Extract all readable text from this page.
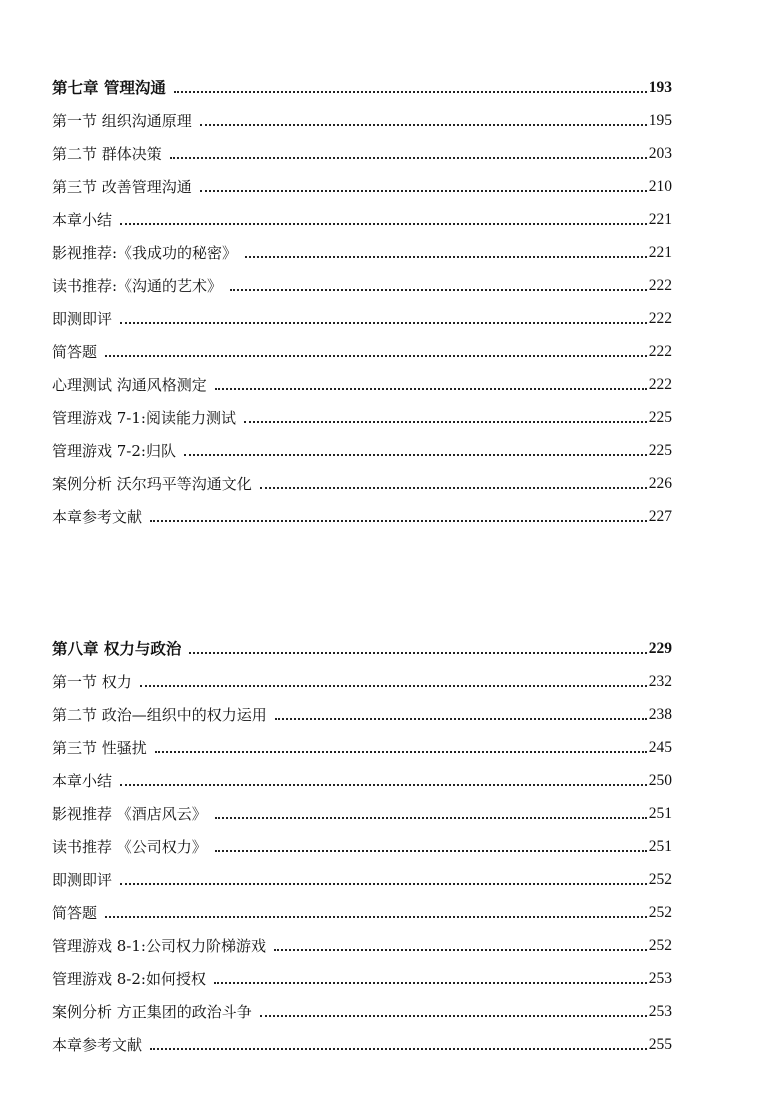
第七章 管理沟通	193
第一节 组织沟通原理	195
第二节 群体决策	203
第三节 改善管理沟通	210
本章小结	221
影视推荐:《我成功的秘密》	221
读书推荐:《沟通的艺术》	222
即测即评	222
简答题	222
心理测试 沟通风格测定	222
管理游戏 7-1:阅读能力测试	225
管理游戏 7-2:归队	225
案例分析 沃尔玛平等沟通文化	226
本章参考文献	227
第八章 权力与政治	229
第一节 权力	232
第二节 政治—组织中的权力运用	238
第三节 性骚扰	245
本章小结	250
影视推荐 《酒店风云》	251
读书推荐 《公司权力》	251
即测即评	252
简答题	252
管理游戏 8-1:公司权力阶梯游戏	252
管理游戏 8-2:如何授权	253
案例分析 方正集团的政治斗争	253
本章参考文献	255
